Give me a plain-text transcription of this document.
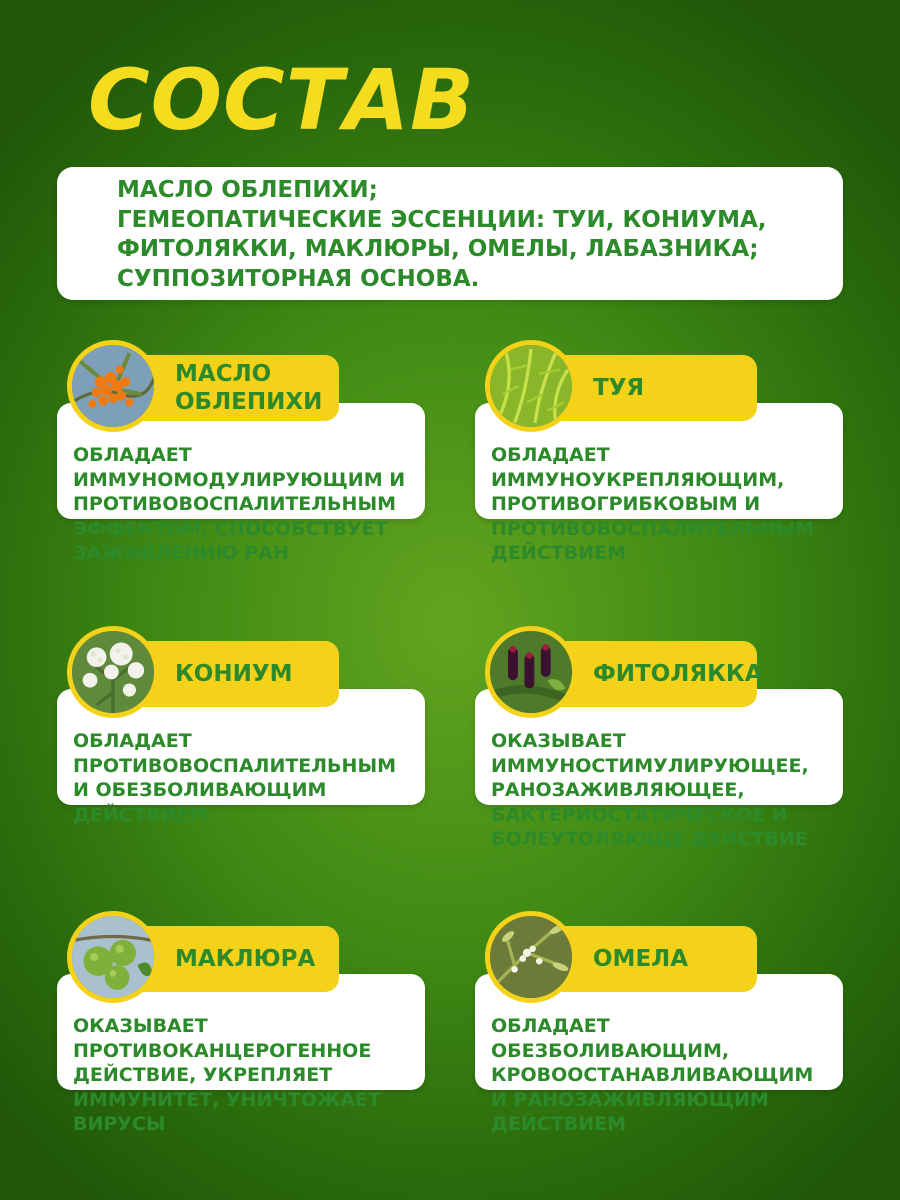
СОСТАВ
МАСЛО ОБЛЕПИХИ;
ГЕМЕОПАТИЧЕСКИЕ ЭССЕНЦИИ: ТУИ, КОНИУМА,
ФИТОЛЯККИ, МАКЛЮРЫ, ОМЕЛЫ, ЛАБАЗНИКА;
СУППОЗИТОРНАЯ ОСНОВА.
МАСЛО
ОБЛЕПИХИ
ОБЛАДАЕТ
ИММУНОМОДУЛИРУЮЩИМ И
ПРОТИВОВОСПАЛИТЕЛЬНЫМ
ЭФФЕКТОМ, СПОСОБСТВУЕТ
ЗАЖИВЛЕНИЮ РАН
ТУЯ
ОБЛАДАЕТ
ИММУНОУКРЕПЛЯЮЩИМ,
ПРОТИВОГРИБКОВЫМ И
ПРОТИВОВОСПАЛИТЕЛЬНЫМ
ДЕЙСТВИЕМ
КОНИУМ
ОБЛАДАЕТ
ПРОТИВОВОСПАЛИТЕЛЬНЫМ
И ОБЕЗБОЛИВАЮЩИМ
ДЕЙСТВИЕМ
ФИТОЛЯККА
ОКАЗЫВАЕТ
ИММУНОСТИМУЛИРУЮЩЕЕ,
РАНОЗАЖИВЛЯЮЩЕЕ,
БАКТЕРИОСТАТИЧЕСКОЕ И
БОЛЕУТОЛЯЮЩЕ ДЕЙСТВИЕ
МАКЛЮРА
ОКАЗЫВАЕТ
ПРОТИВОКАНЦЕРОГЕННОЕ
ДЕЙСТВИЕ, УКРЕПЛЯЕТ
ИММУНИТЕТ, УНИЧТОЖАЕТ
ВИРУСЫ
ОМЕЛА
ОБЛАДАЕТ
ОБЕЗБОЛИВАЮЩИМ,
КРОВООСТАНАВЛИВАЮЩИМ
И РАНОЗАЖИВЛЯЮЩИМ
ДЕЙСТВИЕМ
